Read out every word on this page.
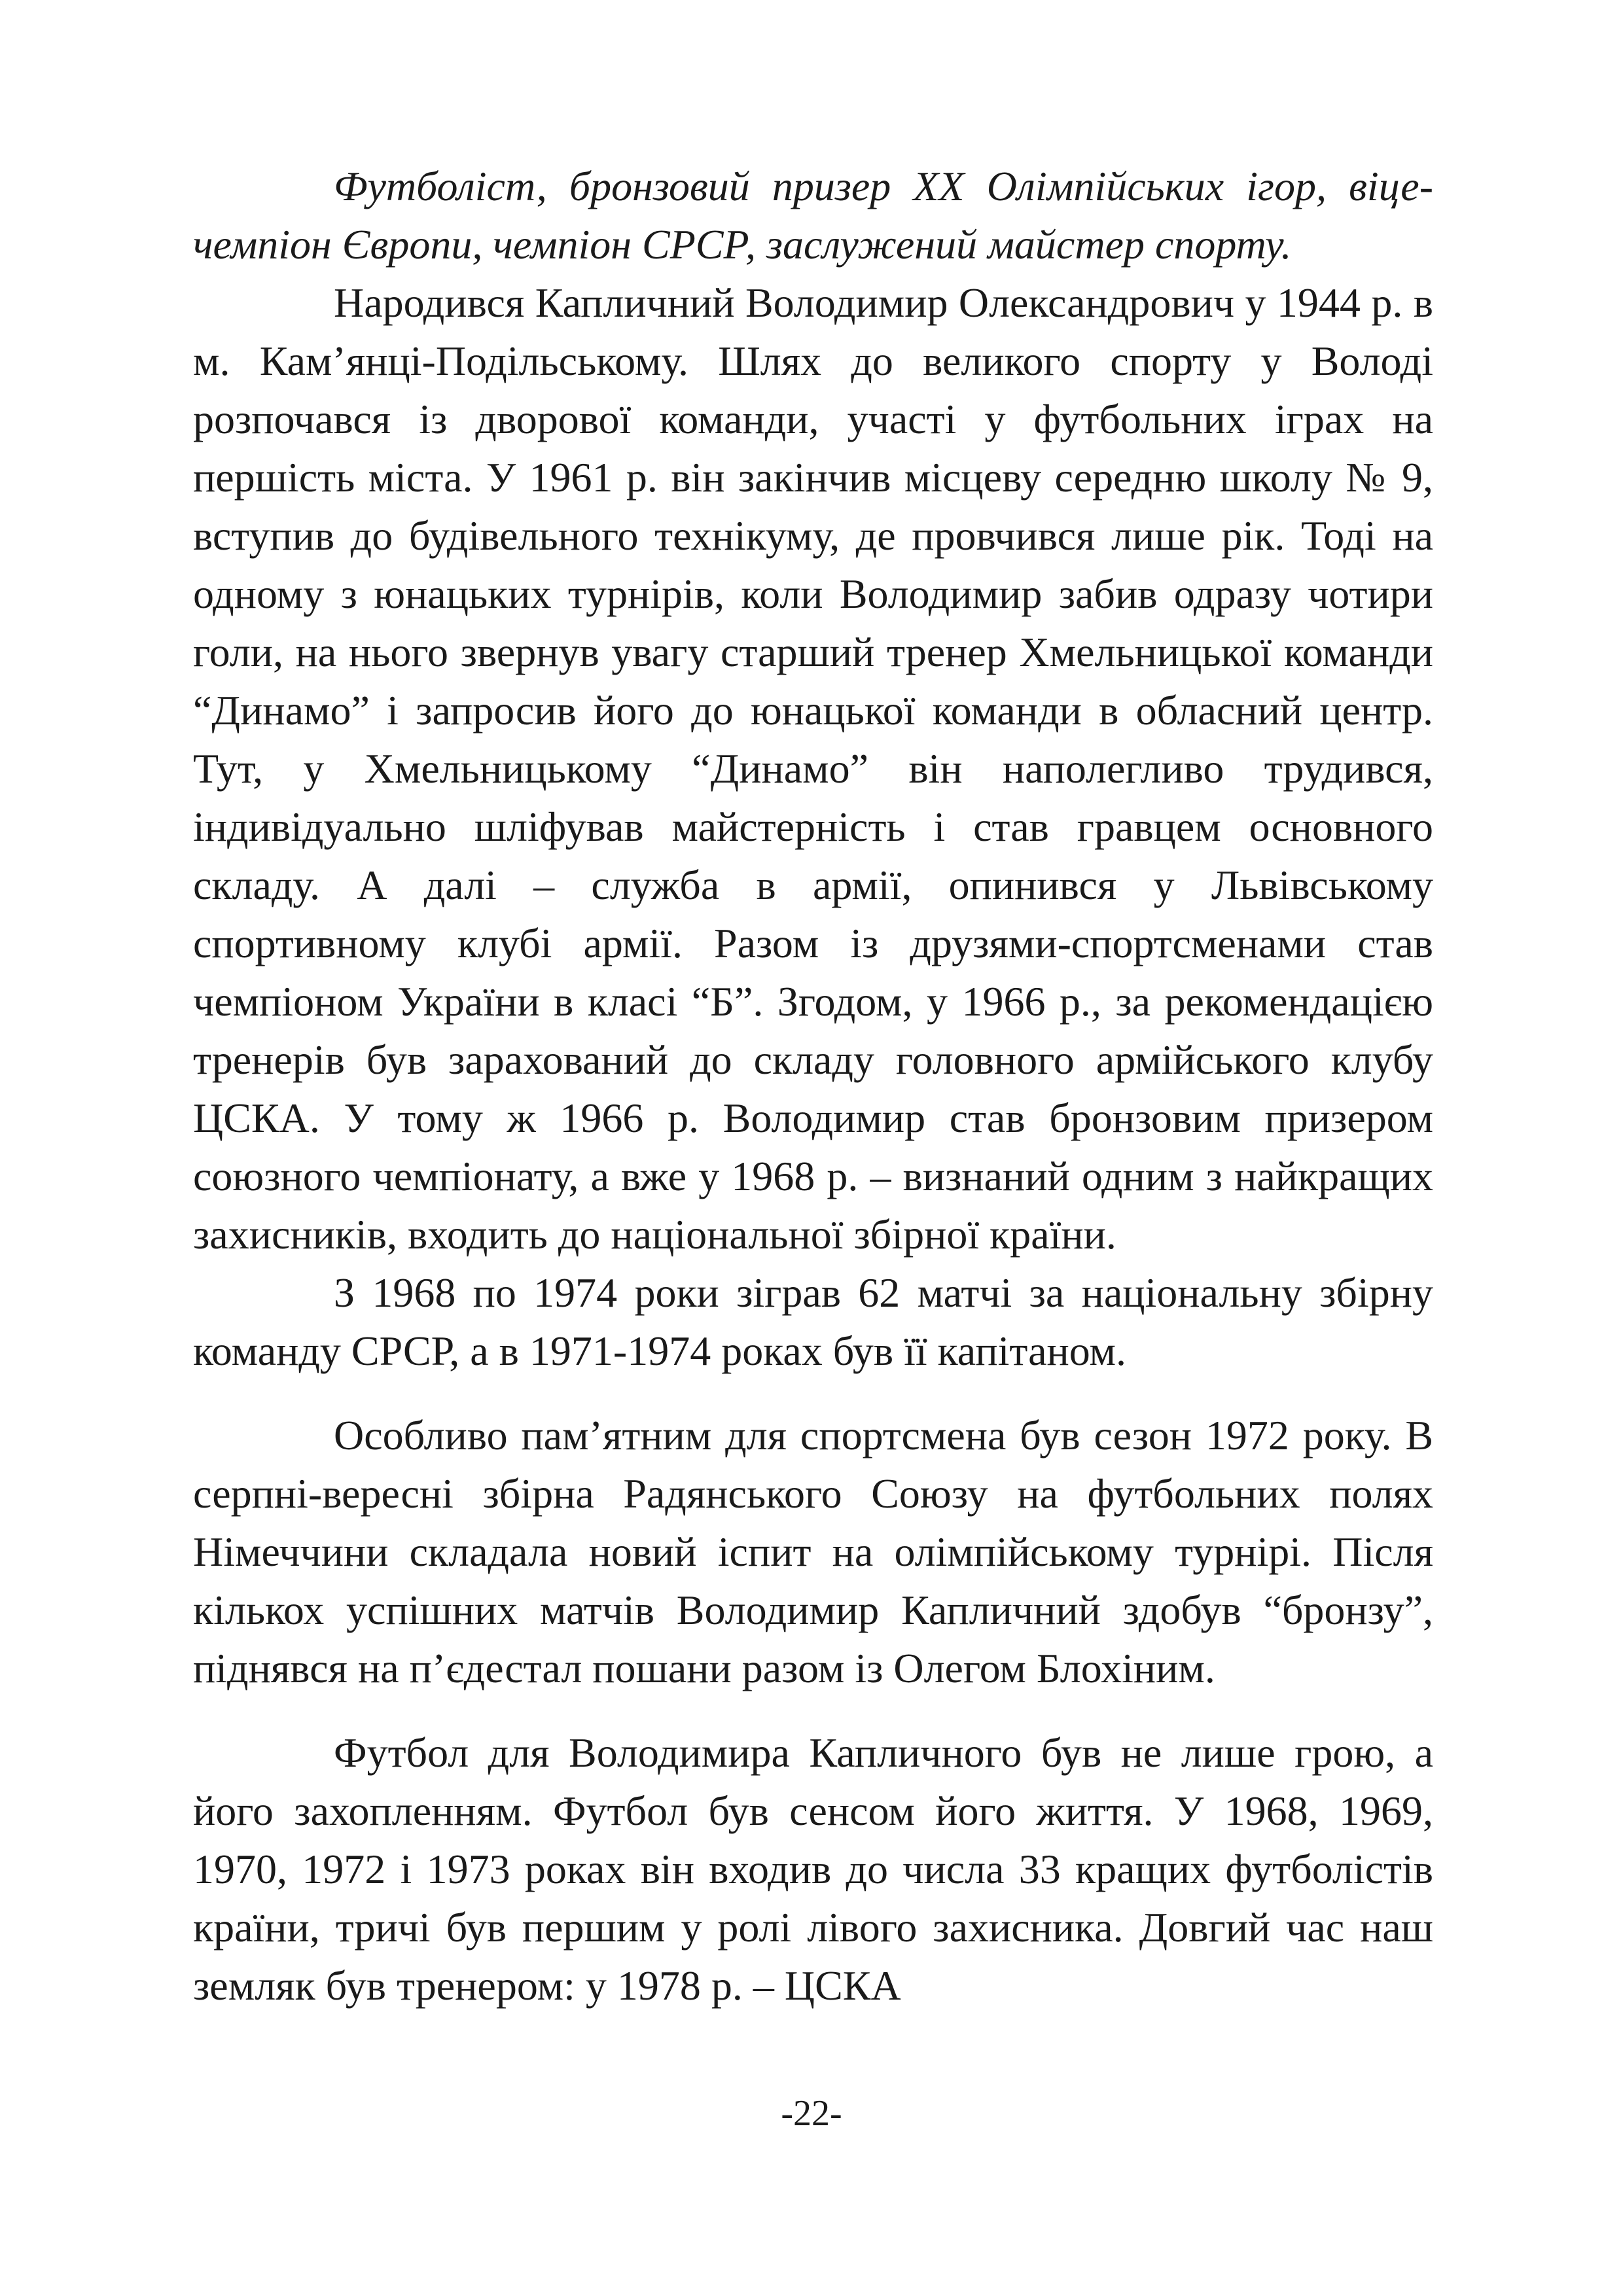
Футболіст, бронзовий призер XX Олімпійських ігор, віце-чемпіон Європи, чемпіон СРСР, заслужений майстер спорту.

Народився Капличний Володимир Олександрович у 1944 р. в м. Кам’янці-Подільському. Шлях до великого спорту у Володі розпочався із дворової команди, участі у футбольних іграх на першість міста. У 1961 р. він закінчив місцеву середню школу № 9, вступив до будівельного технікуму, де провчився лише рік. Тоді на одному з юнацьких турнірів, коли Володимир забив одразу чотири голи, на нього звернув увагу старший тренер Хмельницької команди “Динамо” і запросив його до юнацької команди в обласний центр. Тут, у Хмельницькому “Динамо” він наполегливо трудився, індивідуально шліфував майстерність і став гравцем основного складу. А далі – служба в армії, опинився у Львівському спортивному клубі армії. Разом із друзями-спортсменами став чемпіоном України в класі “Б”. Згодом, у 1966 р., за рекомендацією тренерів був зарахований до складу головного армійського клубу ЦСКА. У тому ж 1966 р. Володимир став бронзовим призером союзного чемпіонату, а вже у 1968 р. – визнаний одним з найкращих захисників, входить до національної збірної країни.

З 1968 по 1974 роки зіграв 62 матчі за національну збірну команду СРСР, а в 1971-1974 роках був її капітаном.

Особливо пам’ятним для спортсмена був сезон 1972 року. В серпні-вересні збірна Радянського Союзу на футбольних полях Німеччини складала новий іспит на олімпійському турнірі. Після кількох успішних матчів Володимир Капличний здобув “бронзу”, піднявся на п’єдестал пошани разом із Олегом Блохіним.

Футбол для Володимира Капличного був не лише грою, а його захопленням. Футбол був сенсом його життя. У 1968, 1969, 1970, 1972 і 1973 роках він входив до числа 33 кращих футболістів країни, тричі був першим у ролі лівого захисника. Довгий час наш земляк був тренером: у 1978 р. – ЦСКА

-22-
